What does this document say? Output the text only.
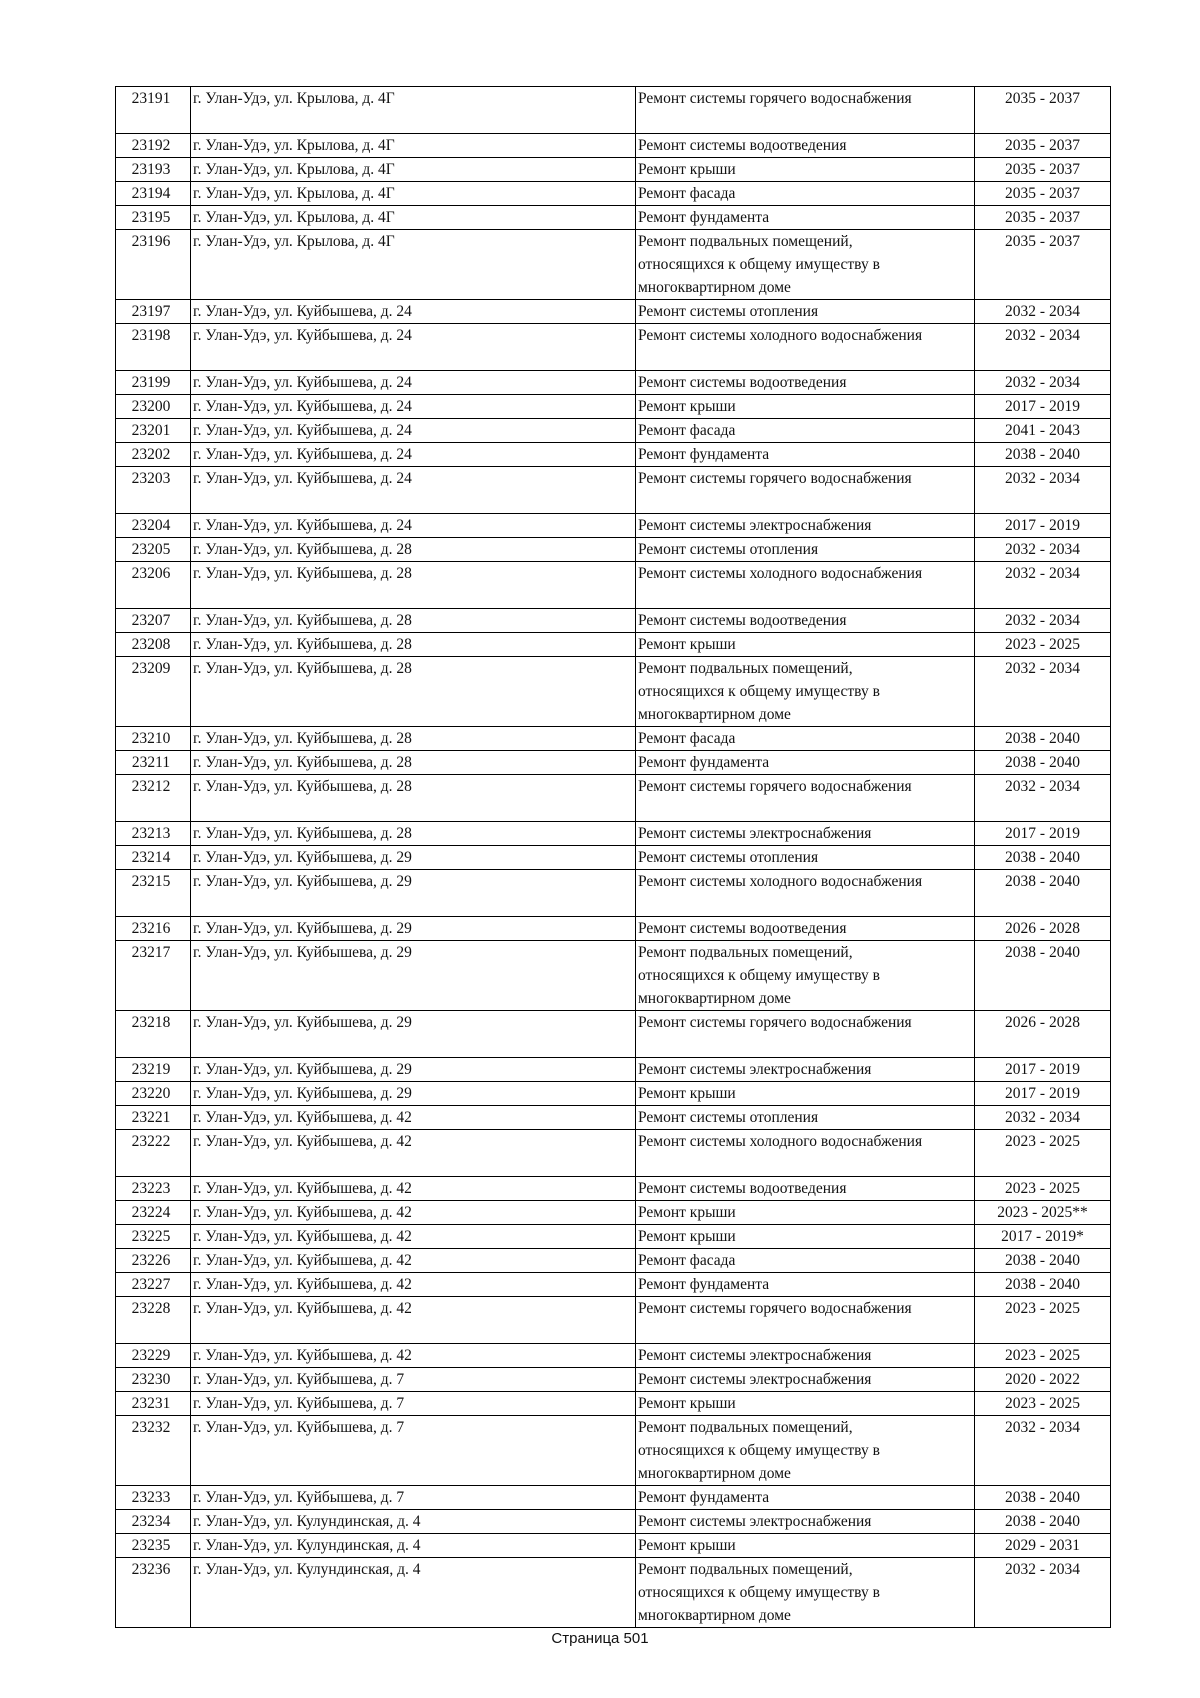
23191	г. Улан-Удэ, ул. Крылова, д. 4Г	Ремонт системы горячего водоснабжения	2035 - 2037
23192	г. Улан-Удэ, ул. Крылова, д. 4Г	Ремонт системы водоотведения	2035 - 2037
23193	г. Улан-Удэ, ул. Крылова, д. 4Г	Ремонт крыши	2035 - 2037
23194	г. Улан-Удэ, ул. Крылова, д. 4Г	Ремонт фасада	2035 - 2037
23195	г. Улан-Удэ, ул. Крылова, д. 4Г	Ремонт фундамента	2035 - 2037
23196	г. Улан-Удэ, ул. Крылова, д. 4Г	Ремонт подвальных помещений,
относящихся к общему имуществу в
многоквартирном доме	2035 - 2037
23197	г. Улан-Удэ, ул. Куйбышева, д. 24	Ремонт системы отопления	2032 - 2034
23198	г. Улан-Удэ, ул. Куйбышева, д. 24	Ремонт системы холодного водоснабжения	2032 - 2034
23199	г. Улан-Удэ, ул. Куйбышева, д. 24	Ремонт системы водоотведения	2032 - 2034
23200	г. Улан-Удэ, ул. Куйбышева, д. 24	Ремонт крыши	2017 - 2019
23201	г. Улан-Удэ, ул. Куйбышева, д. 24	Ремонт фасада	2041 - 2043
23202	г. Улан-Удэ, ул. Куйбышева, д. 24	Ремонт фундамента	2038 - 2040
23203	г. Улан-Удэ, ул. Куйбышева, д. 24	Ремонт системы горячего водоснабжения	2032 - 2034
23204	г. Улан-Удэ, ул. Куйбышева, д. 24	Ремонт системы электроснабжения	2017 - 2019
23205	г. Улан-Удэ, ул. Куйбышева, д. 28	Ремонт системы отопления	2032 - 2034
23206	г. Улан-Удэ, ул. Куйбышева, д. 28	Ремонт системы холодного водоснабжения	2032 - 2034
23207	г. Улан-Удэ, ул. Куйбышева, д. 28	Ремонт системы водоотведения	2032 - 2034
23208	г. Улан-Удэ, ул. Куйбышева, д. 28	Ремонт крыши	2023 - 2025
23209	г. Улан-Удэ, ул. Куйбышева, д. 28	Ремонт подвальных помещений,
относящихся к общему имуществу в
многоквартирном доме	2032 - 2034
23210	г. Улан-Удэ, ул. Куйбышева, д. 28	Ремонт фасада	2038 - 2040
23211	г. Улан-Удэ, ул. Куйбышева, д. 28	Ремонт фундамента	2038 - 2040
23212	г. Улан-Удэ, ул. Куйбышева, д. 28	Ремонт системы горячего водоснабжения	2032 - 2034
23213	г. Улан-Удэ, ул. Куйбышева, д. 28	Ремонт системы электроснабжения	2017 - 2019
23214	г. Улан-Удэ, ул. Куйбышева, д. 29	Ремонт системы отопления	2038 - 2040
23215	г. Улан-Удэ, ул. Куйбышева, д. 29	Ремонт системы холодного водоснабжения	2038 - 2040
23216	г. Улан-Удэ, ул. Куйбышева, д. 29	Ремонт системы водоотведения	2026 - 2028
23217	г. Улан-Удэ, ул. Куйбышева, д. 29	Ремонт подвальных помещений,
относящихся к общему имуществу в
многоквартирном доме	2038 - 2040
23218	г. Улан-Удэ, ул. Куйбышева, д. 29	Ремонт системы горячего водоснабжения	2026 - 2028
23219	г. Улан-Удэ, ул. Куйбышева, д. 29	Ремонт системы электроснабжения	2017 - 2019
23220	г. Улан-Удэ, ул. Куйбышева, д. 29	Ремонт крыши	2017 - 2019
23221	г. Улан-Удэ, ул. Куйбышева, д. 42	Ремонт системы отопления	2032 - 2034
23222	г. Улан-Удэ, ул. Куйбышева, д. 42	Ремонт системы холодного водоснабжения	2023 - 2025
23223	г. Улан-Удэ, ул. Куйбышева, д. 42	Ремонт системы водоотведения	2023 - 2025
23224	г. Улан-Удэ, ул. Куйбышева, д. 42	Ремонт крыши	2023 - 2025**
23225	г. Улан-Удэ, ул. Куйбышева, д. 42	Ремонт крыши	2017 - 2019*
23226	г. Улан-Удэ, ул. Куйбышева, д. 42	Ремонт фасада	2038 - 2040
23227	г. Улан-Удэ, ул. Куйбышева, д. 42	Ремонт фундамента	2038 - 2040
23228	г. Улан-Удэ, ул. Куйбышева, д. 42	Ремонт системы горячего водоснабжения	2023 - 2025
23229	г. Улан-Удэ, ул. Куйбышева, д. 42	Ремонт системы электроснабжения	2023 - 2025
23230	г. Улан-Удэ, ул. Куйбышева, д. 7	Ремонт системы электроснабжения	2020 - 2022
23231	г. Улан-Удэ, ул. Куйбышева, д. 7	Ремонт крыши	2023 - 2025
23232	г. Улан-Удэ, ул. Куйбышева, д. 7	Ремонт подвальных помещений,
относящихся к общему имуществу в
многоквартирном доме	2032 - 2034
23233	г. Улан-Удэ, ул. Куйбышева, д. 7	Ремонт фундамента	2038 - 2040
23234	г. Улан-Удэ, ул. Кулундинская, д. 4	Ремонт системы электроснабжения	2038 - 2040
23235	г. Улан-Удэ, ул. Кулундинская, д. 4	Ремонт крыши	2029 - 2031
23236	г. Улан-Удэ, ул. Кулундинская, д. 4	Ремонт подвальных помещений,
относящихся к общему имуществу в
многоквартирном доме	2032 - 2034
Страница 501
